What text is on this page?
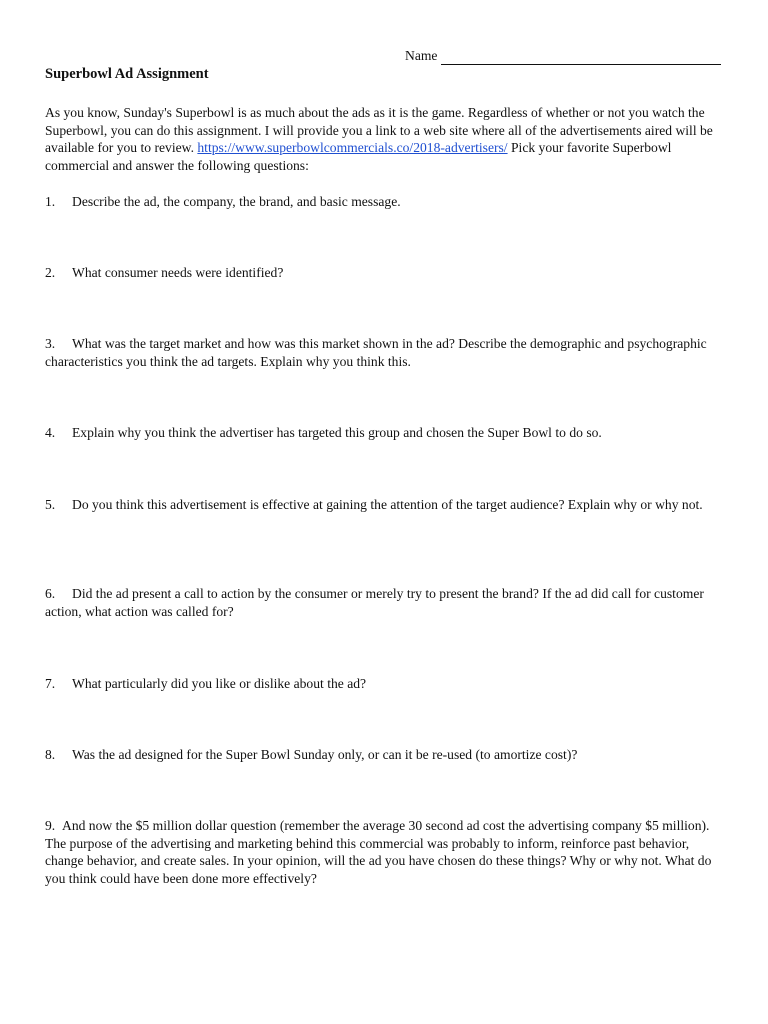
Name
Superbowl Ad Assignment
As you know, Sunday's Superbowl is as much about the ads as it is the game. Regardless of whether or not you watch the Superbowl, you can do this assignment. I will provide you a link to a web site where all of the advertisements aired will be available for you to review. https://www.superbowlcommercials.co/2018-advertisers/ Pick your favorite Superbowl commercial and answer the following questions:
1. Describe the ad, the company, the brand, and basic message.
2. What consumer needs were identified?
3. What was the target market and how was this market shown in the ad? Describe the demographic and psychographic characteristics you think the ad targets. Explain why you think this.
4. Explain why you think the advertiser has targeted this group and chosen the Super Bowl to do so.
5. Do you think this advertisement is effective at gaining the attention of the target audience? Explain why or why not.
6. Did the ad present a call to action by the consumer or merely try to present the brand? If the ad did call for customer action, what action was called for?
7. What particularly did you like or dislike about the ad?
8. Was the ad designed for the Super Bowl Sunday only, or can it be re-used (to amortize cost)?
9. And now the $5 million dollar question (remember the average 30 second ad cost the advertising company $5 million). The purpose of the advertising and marketing behind this commercial was probably to inform, reinforce past behavior, change behavior, and create sales. In your opinion, will the ad you have chosen do these things? Why or why not. What do you think could have been done more effectively?
